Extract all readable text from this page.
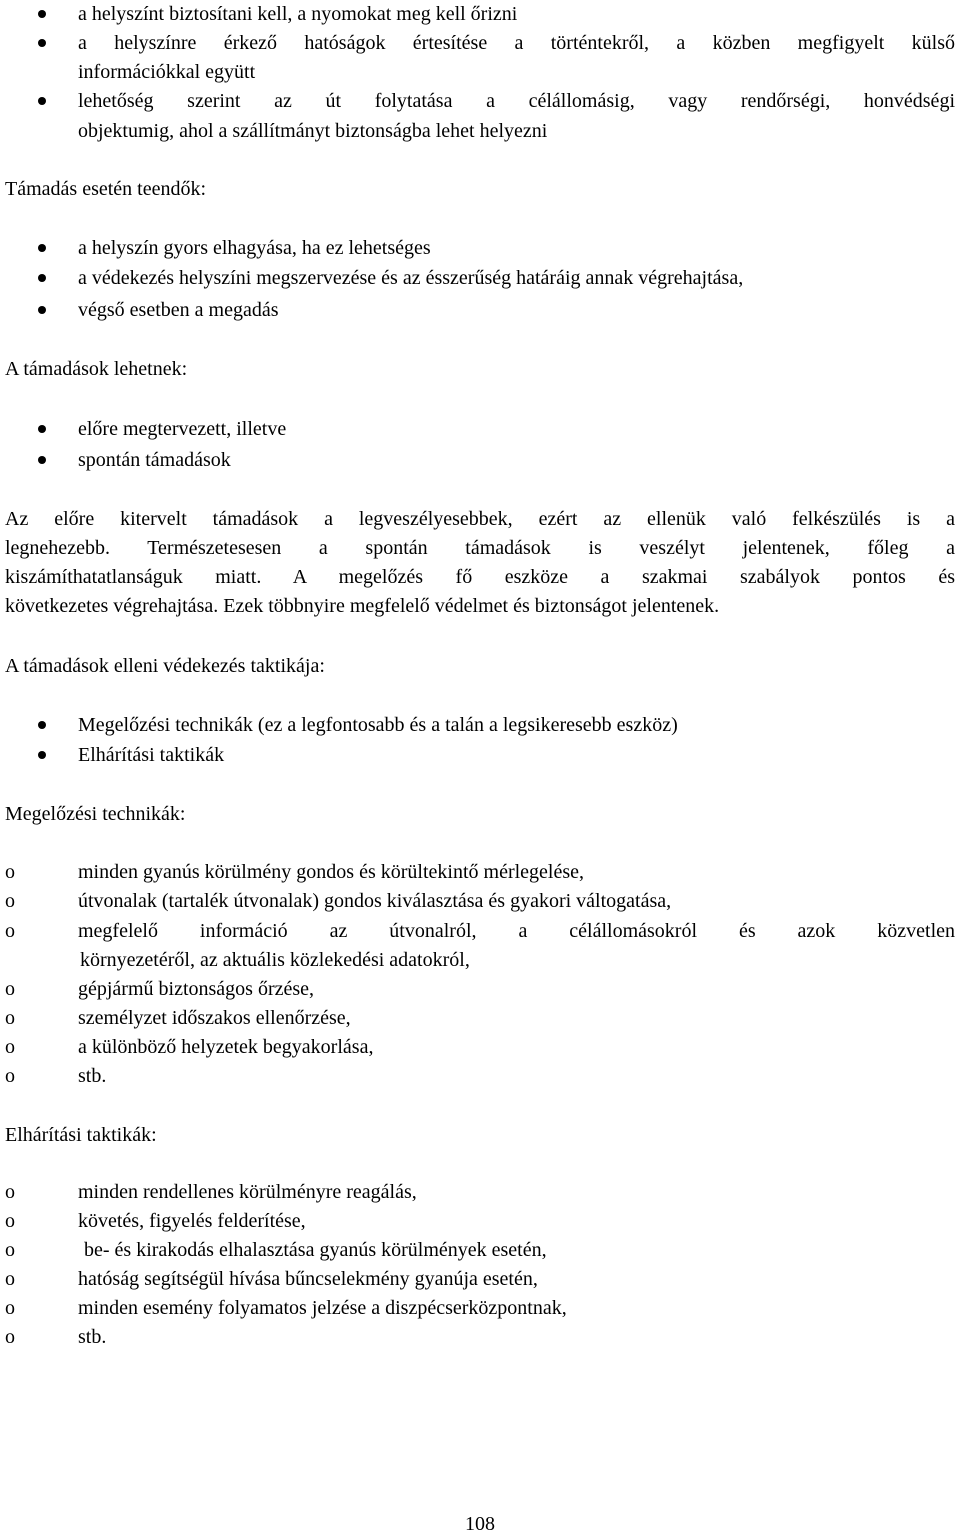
a helyszínt biztosítani kell, a nyomokat meg kell őrizni
a helyszínre érkező hatóságok értesítése a történtekről, a közben megfigyelt külső
információkkal együtt
lehetőség szerint az út folytatása a célállomásig, vagy rendőrségi, honvédségi
objektumig, ahol a szállítmányt biztonságba lehet helyezni
Támadás esetén teendők:
a helyszín gyors elhagyása, ha ez lehetséges
a védekezés helyszíni megszervezése és az ésszerűség határáig annak végrehajtása,
végső esetben a megadás
A támadások lehetnek:
előre megtervezett, illetve
spontán támadások
Az előre kitervelt támadások a legveszélyesebbek, ezért az ellenük való felkészülés is a
legnehezebb. Természetesesen a spontán támadások is veszélyt jelentenek, főleg a
kiszámíthatatlanságuk miatt. A megelőzés fő eszköze a szakmai szabályok pontos és
következetes végrehajtása. Ezek többnyire megfelelő védelmet és biztonságot jelentenek.
A támadások elleni védekezés taktikája:
Megelőzési technikák (ez a legfontosabb és a talán a legsikeresebb eszköz)
Elhárítási taktikák
Megelőzési technikák:
o	minden gyanús körülmény gondos és körültekintő mérlegelése,
o	útvonalak (tartalék útvonalak) gondos kiválasztása és gyakori váltogatása,
o	megfelelő információ az útvonalról, a célállomásokról és azok közvetlen
környezetéről, az aktuális közlekedési adatokról,
o	gépjármű biztonságos őrzése,
o	személyzet időszakos ellenőrzése,
o	a különböző helyzetek begyakorlása,
o	stb.
Elhárítási taktikák:
o	minden rendellenes körülményre reagálás,
o	követés, figyelés felderítése,
o	be- és kirakodás elhalasztása gyanús körülmények esetén,
o	hatóság segítségül hívása bűncselekmény gyanúja esetén,
o	minden esemény folyamatos jelzése a diszpécserközpontnak,
o	stb.
108
